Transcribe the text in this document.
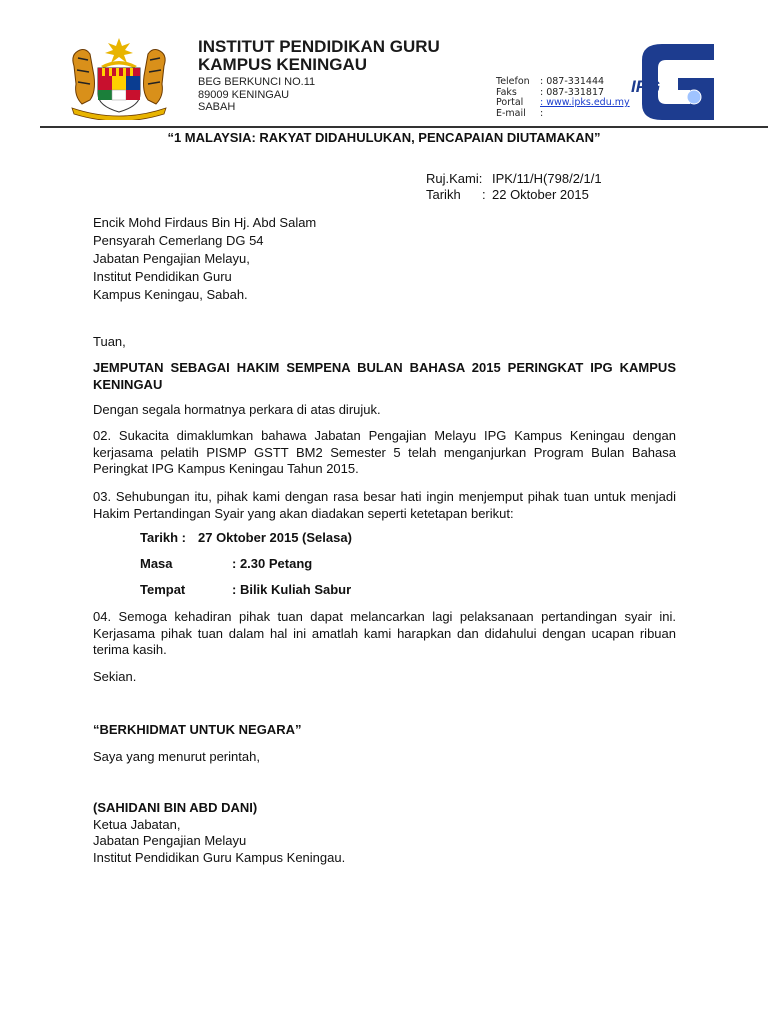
INSTITUT PENDIDIKAN GURU
KAMPUS KENINGAU
BEG BERKUNCI NO.11
89009 KENINGAU
SABAH
Telefon	: 087-331444
Faks	: 087-331817
Portal	: www.ipks.edu.my
E-mail	:
IPG
“1 MALAYSIA: RAKYAT DIDAHULUKAN, PENCAPAIAN DIUTAMAKAN”
Ruj.Kami: IPK/11/H(798/2/1/1
Tarikh	: 22 Oktober 2015
Encik Mohd Firdaus Bin Hj. Abd Salam
Pensyarah Cemerlang DG 54
Jabatan Pengajian Melayu,
Institut Pendidikan Guru
Kampus Keningau, Sabah.
Tuan,
JEMPUTAN SEBAGAI HAKIM SEMPENA BULAN BAHASA 2015 PERINGKAT IPG KAMPUS KENINGAU
Dengan segala hormatnya perkara di atas dirujuk.
02. Sukacita dimaklumkan bahawa Jabatan Pengajian Melayu IPG Kampus Keningau dengan kerjasama pelatih PISMP GSTT BM2 Semester 5 telah menganjurkan Program Bulan Bahasa Peringkat IPG Kampus Keningau Tahun 2015.
03. Sehubungan itu, pihak kami dengan rasa besar hati ingin menjemput pihak tuan untuk menjadi Hakim Pertandingan Syair yang akan diadakan seperti ketetapan berikut:
Tarikh : 27 Oktober 2015 (Selasa)
Masa	: 2.30 Petang
Tempat	: Bilik Kuliah Sabur
04. Semoga kehadiran pihak tuan dapat melancarkan lagi pelaksanaan pertandingan syair ini. Kerjasama pihak tuan dalam hal ini amatlah kami harapkan dan didahului dengan ucapan ribuan terima kasih.
Sekian.
“BERKHIDMAT UNTUK NEGARA”
Saya yang menurut perintah,
(SAHIDANI BIN ABD DANI)
Ketua Jabatan,
Jabatan Pengajian Melayu
Institut Pendidikan Guru Kampus Keningau.
